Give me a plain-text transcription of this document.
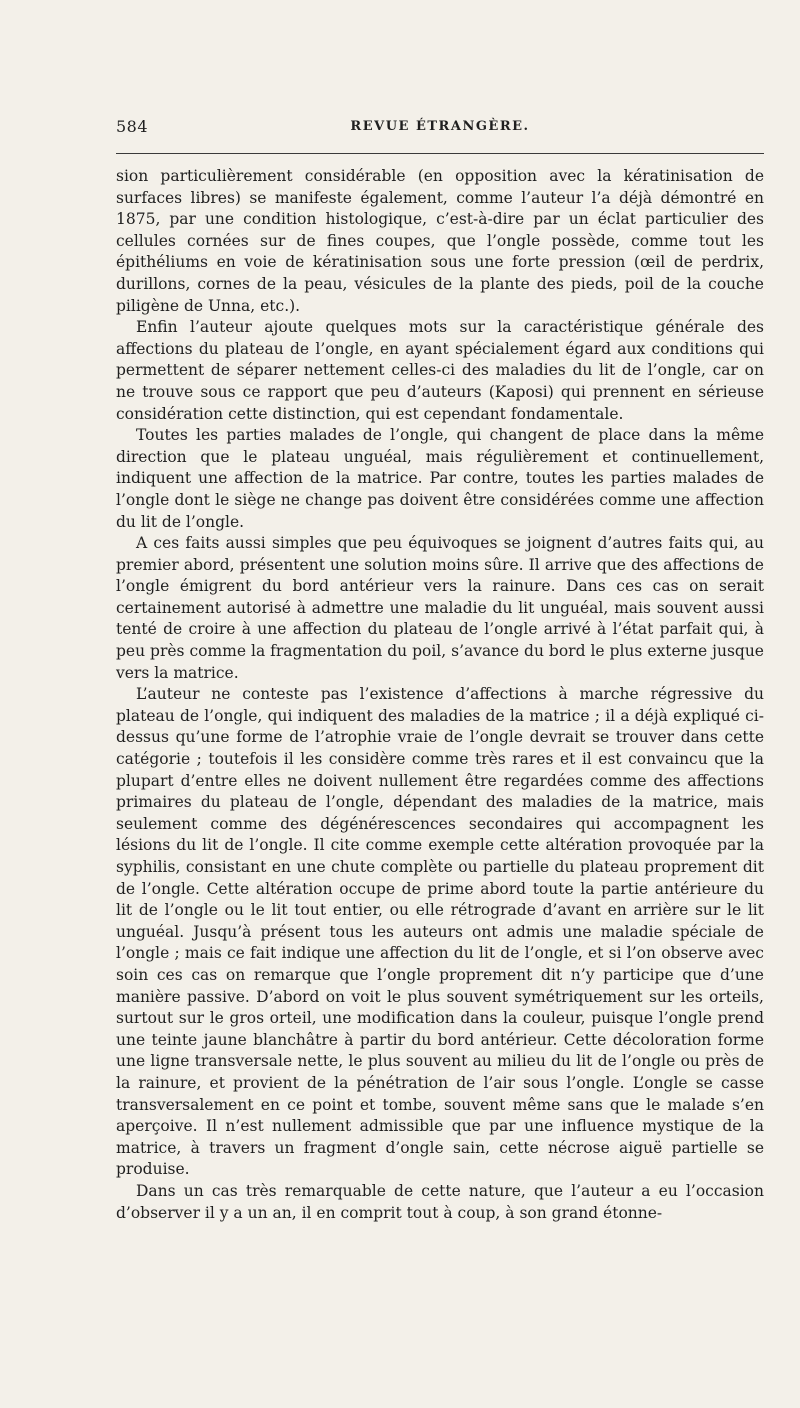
584	REVUE ÉTRANGÈRE.

sion particulièrement considérable (en opposition avec la kératinisation de surfaces libres) se manifeste également, comme l’auteur l’a déjà démontré en 1875, par une condition histologique, c’est-à-dire par un éclat particulier des cellules cornées sur de fines coupes, que l’ongle possède, comme tout les épithéliums en voie de kératinisation sous une forte pression (œil de perdrix, durillons, cornes de la peau, vésicules de la plante des pieds, poil de la couche piligène de Unna, etc.).

Enfin l’auteur ajoute quelques mots sur la caractéristique générale des affections du plateau de l’ongle, en ayant spécialement égard aux conditions qui permettent de séparer nettement celles-ci des maladies du lit de l’ongle, car on ne trouve sous ce rapport que peu d’auteurs (Kaposi) qui prennent en sérieuse considération cette distinction, qui est cependant fondamentale.

Toutes les parties malades de l’ongle, qui changent de place dans la même direction que le plateau unguéal, mais régulièrement et continuellement, indiquent une affection de la matrice. Par contre, toutes les parties malades de l’ongle dont le siège ne change pas doivent être considérées comme une affection du lit de l’ongle.

A ces faits aussi simples que peu équivoques se joignent d’autres faits qui, au premier abord, présentent une solution moins sûre. Il arrive que des affections de l’ongle émigrent du bord antérieur vers la rainure. Dans ces cas on serait certainement autorisé à admettre une maladie du lit unguéal, mais souvent aussi tenté de croire à une affection du plateau de l’ongle arrivé à l’état parfait qui, à peu près comme la fragmentation du poil, s’avance du bord le plus externe jusque vers la matrice.

L’auteur ne conteste pas l’existence d’affections à marche régressive du plateau de l’ongle, qui indiquent des maladies de la matrice ; il a déjà expliqué ci-dessus qu’une forme de l’atrophie vraie de l’ongle devrait se trouver dans cette catégorie ; toutefois il les considère comme très rares et il est convaincu que la plupart d’entre elles ne doivent nullement être regardées comme des affections primaires du plateau de l’ongle, dépendant des maladies de la matrice, mais seulement comme des dégénérescences secondaires qui accompagnent les lésions du lit de l’ongle. Il cite comme exemple cette altération provoquée par la syphilis, consistant en une chute complète ou partielle du plateau proprement dit de l’ongle. Cette altération occupe de prime abord toute la partie antérieure du lit de l’ongle ou le lit tout entier, ou elle rétrograde d’avant en arrière sur le lit unguéal. Jusqu’à présent tous les auteurs ont admis une maladie spéciale de l’ongle ; mais ce fait indique une affection du lit de l’ongle, et si l’on observe avec soin ces cas on remarque que l’ongle proprement dit n’y participe que d’une manière passive. D’abord on voit le plus souvent symétriquement sur les orteils, surtout sur le gros orteil, une modification dans la couleur, puisque l’ongle prend une teinte jaune blanchâtre à partir du bord antérieur. Cette décoloration forme une ligne transversale nette, le plus souvent au milieu du lit de l’ongle ou près de la rainure, et provient de la pénétration de l’air sous l’ongle. L’ongle se casse transversalement en ce point et tombe, souvent même sans que le malade s’en aperçoive. Il n’est nullement admissible que par une influence mystique de la matrice, à travers un fragment d’ongle sain, cette nécrose aiguë partielle se produise.

Dans un cas très remarquable de cette nature, que l’auteur a eu l’occasion d’observer il y a un an, il en comprit tout à coup, à son grand étonne-
